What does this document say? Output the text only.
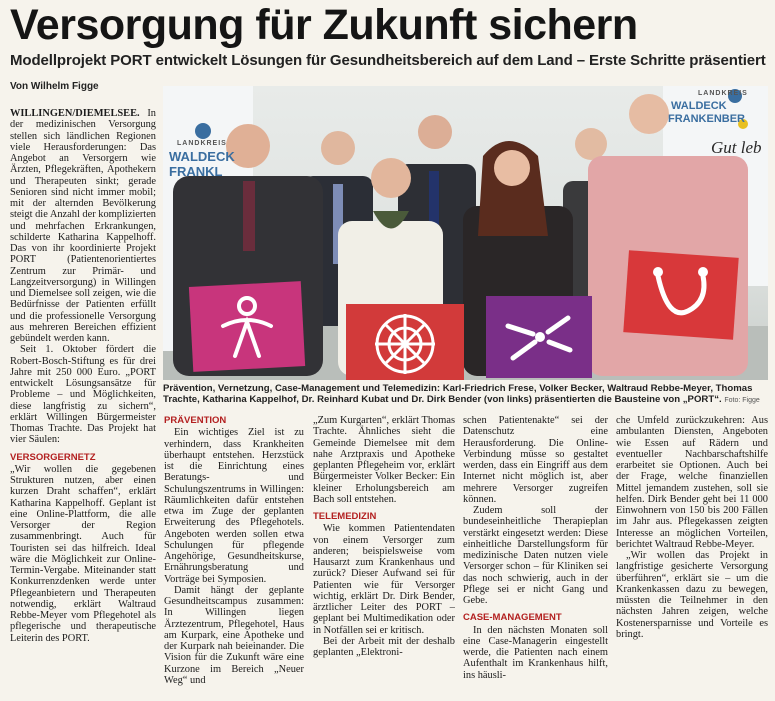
Versorgung für Zukunft sichern
Modellprojekt PORT entwickelt Lösungen für Gesundheitsbereich auf dem Land – Erste Schritte präsentiert
Von Wilhelm Figge

WILLINGEN/DIEMELSEE. In der medizinischen Versorgung stellen sich ländlichen Regionen viele Herausforderungen: Das Angebot an Versorgern wie Ärzten, Pflegekräften, Apothekern und Therapeuten sinkt; gerade Senioren sind nicht immer mobil; mit der alternden Bevölkerung steigt die Anzahl der komplizierten und mehrfachen Erkrankungen, schilderte Katharina Kappelhoff. Das von ihr koordinierte Projekt PORT (Patientenorientiertes Zentrum zur Primär- und Langzeitversorgung) in Willingen und Diemelsee soll zeigen, wie die Bedürfnisse der Patienten erfüllt und die professionelle Versorgung aus mehreren Bereichen effizient gebündelt werden kann.

Seit 1. Oktober fördert die Robert-Bosch-Stiftung es für drei Jahre mit 250 000 Euro. „PORT entwickelt Lösungsansätze für Probleme – und Möglichkeiten, diese langfristig zu sichern“, erklärt Willingen Bürgermeister Thomas Trachte. Das Projekt hat vier Säulen:

VERSORGERNETZ

„Wir wollen die gegebenen Strukturen nutzen, aber einen kurzen Draht schaffen“, erklärt Katharina Kappelhoff. Geplant ist eine Online-Plattform, die alle Versorger der Region zusammenbringt. Auch für Touristen sei das hilfreich. Ideal wäre die Möglichkeit zur Online-Termin-Vergabe. Miteinander statt Konkurrenzdenken werde unter Pflegeanbietern und Therapeuten notwendig, erklärt Waltraud Rebbe-Meyer vom Pflegehotel als pflegerische und therapeutische Leiterin des PORT.

LANDKREIS
WALDECK
FRANKL
LANDKREIS
WALDECK
FRANKENBER
Gut leb
Prävention, Vernetzung, Case-Management und Telemedizin: Karl-Friedrich Frese, Volker Becker, Waltraud Rebbe-Meyer, Thomas Trachte, Katharina Kappelhof, Dr. Reinhard Kubat und Dr. Dirk Bender (von links) präsentierten die Bausteine von „PORT“. Foto: Figge
PRÄVENTION

Ein wichtiges Ziel ist zu verhindern, dass Krankheiten überhaupt entstehen. Herzstück ist die Einrichtung eines Beratungs- und Schulungszentrums in Willingen: Räumlichkeiten dafür entstehen etwa im Zuge der geplanten Erweiterung des Pflegehotels. Angeboten werden sollen etwa Schulungen für pflegende Angehörige, Gesundheitskurse, Ernährungsberatung und Vorträge bei Symposien.

Damit hängt der geplante Gesundheitscampus zusammen: In Willingen liegen Ärztezentrum, Pflegehotel, Haus am Kurpark, eine Apotheke und der Kurpark nah beieinander. Die Vision für die Zukunft wäre eine Kurzone im Bereich „Neuer Weg“ und

„Zum Kurgarten“, erklärt Thomas Trachte. Ähnliches sieht die Gemeinde Diemelsee mit dem nahe Arztpraxis und Apotheke geplanten Pflegeheim vor, erklärt Bürgermeister Volker Becker: Ein kleiner Erholungsbereich am Bach soll entstehen.

TELEMEDIZIN

Wie kommen Patientendaten von einem Versorger zum anderen; beispielsweise vom Hausarzt zum Krankenhaus und zurück? Dieser Aufwand sei für Patienten wie für Versorger wichtig, erklärt Dr. Dirk Bender, ärztlicher Leiter des PORT – geplant bei Multimedikation oder in Notfällen sei er kritisch.

Bei der Arbeit mit der deshalb geplanten „Elektroni-

schen Patientenakte“ sei der Datenschutz eine Herausforderung. Die Online-Verbindung müsse so gestaltet werden, dass ein Eingriff aus dem Internet nicht möglich ist, aber mehrere Versorger zugreifen können.

Zudem soll der bundeseinheitliche Therapieplan verstärkt eingesetzt werden: Diese einheitliche Darstellungsform für medizinische Daten nutzen viele Versorger schon – für Kliniken sei das noch schwierig, auch in der Pflege sei er nicht Gang und Gebe.

CASE-MANAGEMENT

In den nächsten Monaten soll eine Case-Managerin eingestellt werde, die Patienten nach einem Aufenthalt im Krankenhaus hilft, ins häusli-

che Umfeld zurückzukehren: Aus ambulanten Diensten, Angeboten wie Essen auf Rädern und eventueller Nachbarschaftshilfe erarbeitet sie Optionen. Auch bei der Frage, welche finanziellen Mittel jemandem zustehen, soll sie helfen. Dirk Bender geht bei 11 000 Einwohnern von 150 bis 200 Fällen im Jahr aus. Pflegekassen zeigten Interesse an möglichen Vorteilen, berichtet Waltraud Rebbe-Meyer.

„Wir wollen das Projekt in langfristige gesicherte Versorgung überführen“, erklärt sie – um die Krankenkassen dazu zu bewegen, müssten die Teilnehmer in den nächsten Jahren zeigen, welche Kostenersparnisse und Vorteile es bringt.
